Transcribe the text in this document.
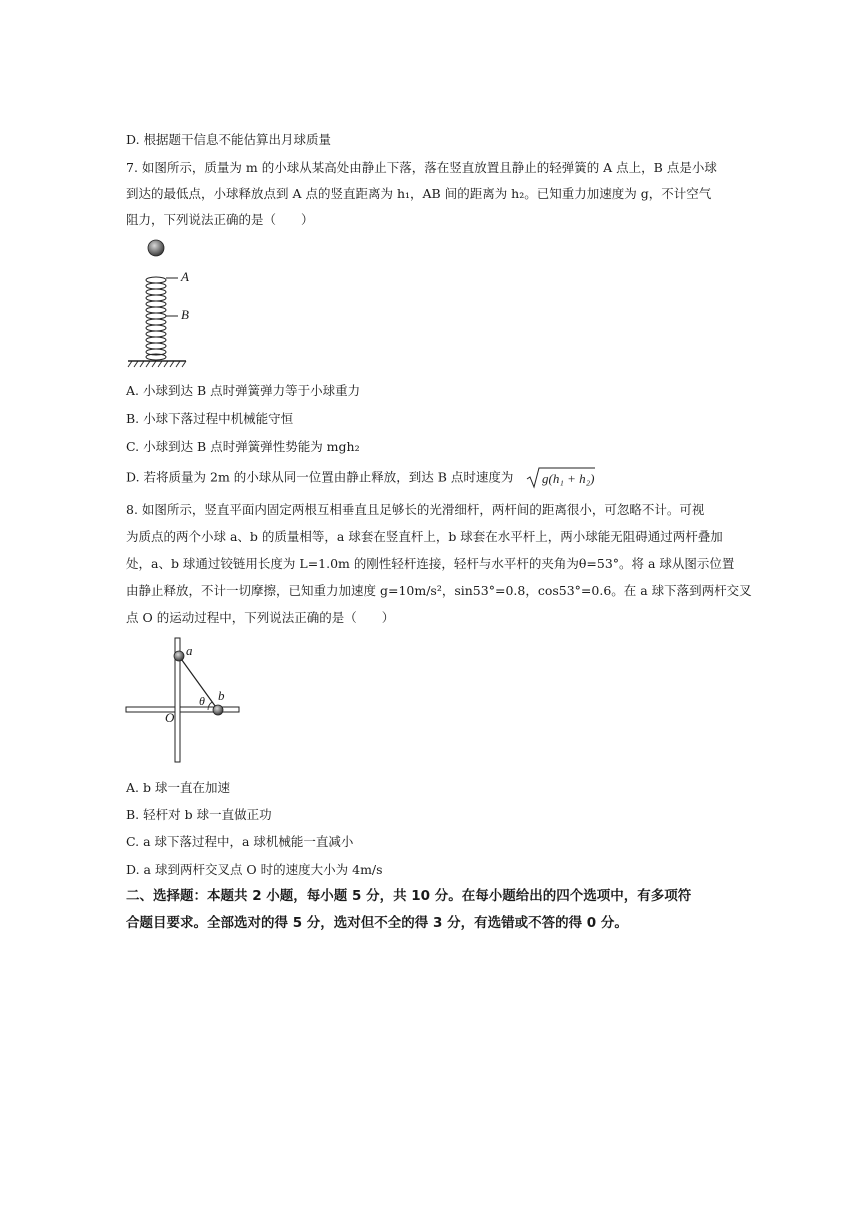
D. 根据题干信息不能估算出月球质量
7. 如图所示，质量为 m 的小球从某高处由静止下落，落在竖直放置且静止的轻弹簧的 A 点上，B 点是小球
到达的最低点，小球释放点到 A 点的竖直距离为 h₁，AB 间的距离为 h₂。已知重力加速度为 g，不计空气
阻力，下列说法正确的是（　　）
A
B
A. 小球到达 B 点时弹簧弹力等于小球重力
B. 小球下落过程中机械能守恒
C. 小球到达 B 点时弹簧弹性势能为 mgh₂
D. 若将质量为 2m 的小球从同一位置由静止释放，到达 B 点时速度为 g(h₁ + h₂)
8. 如图所示，竖直平面内固定两根互相垂直且足够长的光滑细杆，两杆间的距离很小，可忽略不计。可视
为质点的两个小球 a、b 的质量相等，a 球套在竖直杆上，b 球套在水平杆上，两小球能无阻碍通过两杆叠加
处，a、b 球通过铰链用长度为 L=1.0m 的刚性轻杆连接，轻杆与水平杆的夹角为θ=53°。将 a 球从图示位置
由静止释放，不计一切摩擦，已知重力加速度 g=10m/s²，sin53°=0.8，cos53°=0.6。在 a 球下落到两杆交叉
点 O 的运动过程中，下列说法正确的是（　　）
a
b
θ
O
A. b 球一直在加速
B. 轻杆对 b 球一直做正功
C. a 球下落过程中，a 球机械能一直减小
D. a 球到两杆交叉点 O 时的速度大小为 4m/s
二、选择题：本题共 2 小题，每小题 5 分，共 10 分。在每小题给出的四个选项中，有多项符
合题目要求。全部选对的得 5 分，选对但不全的得 3 分，有选错或不答的得 0 分。
